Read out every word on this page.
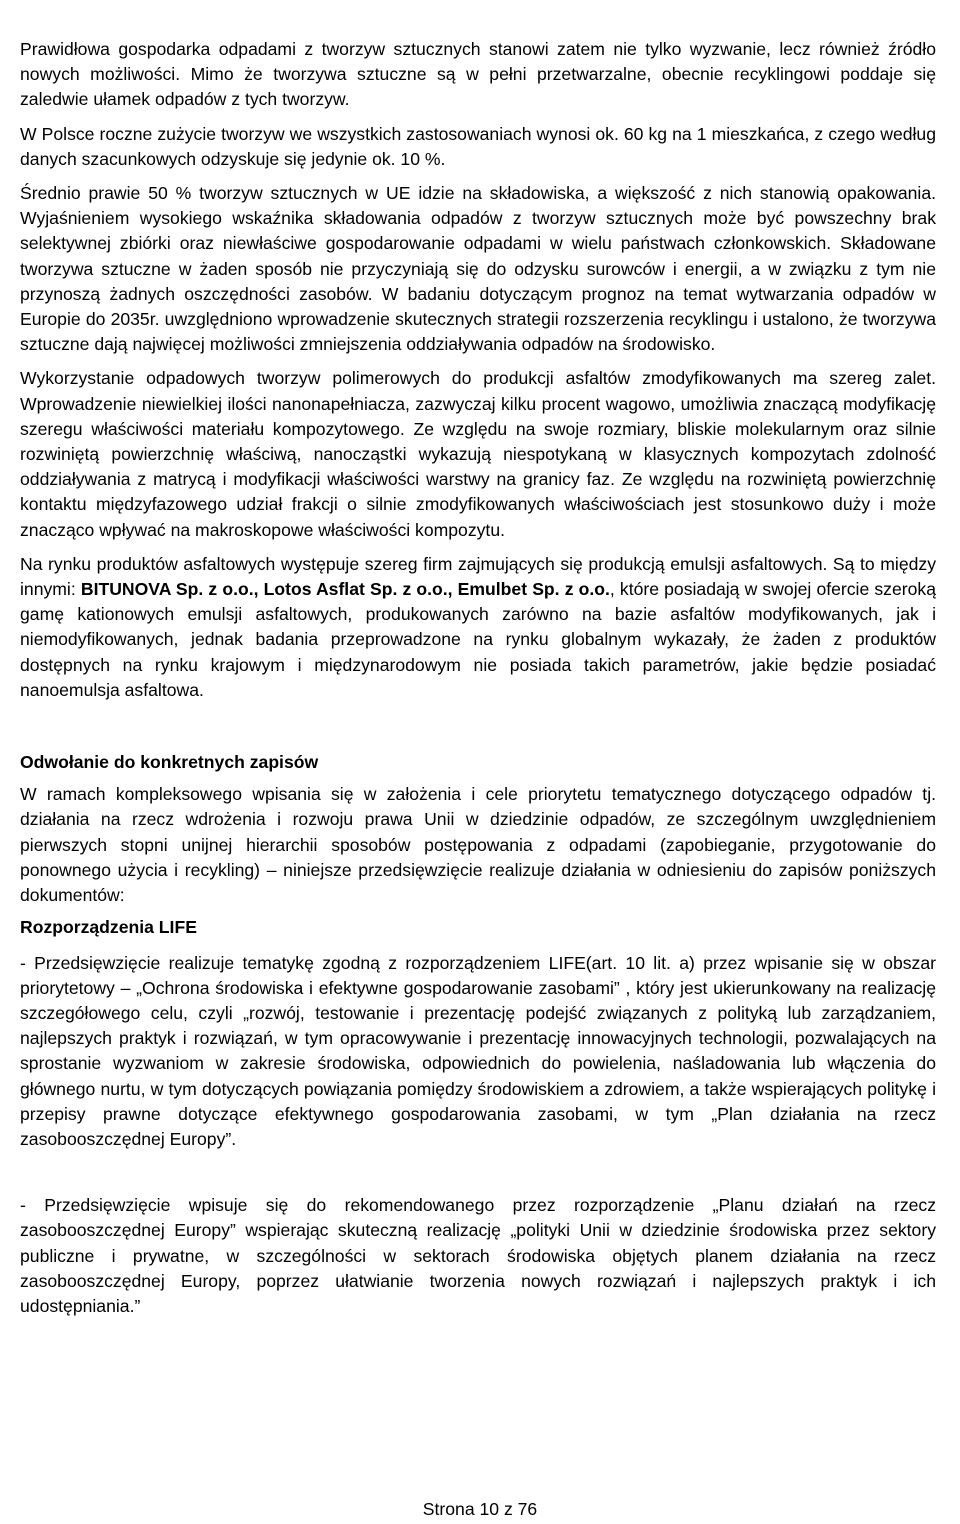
Prawidłowa gospodarka odpadami z tworzyw sztucznych stanowi zatem nie tylko wyzwanie, lecz również źródło nowych możliwości. Mimo że tworzywa sztuczne są w pełni przetwarzalne, obecnie recyklingowi poddaje się zaledwie ułamek odpadów z tych tworzyw.

W Polsce roczne zużycie tworzyw we wszystkich zastosowaniach wynosi ok. 60 kg na 1 mieszkańca, z czego według danych szacunkowych odzyskuje się jedynie ok. 10 %.

Średnio prawie 50 % tworzyw sztucznych w UE idzie na składowiska, a większość z nich stanowią opakowania. Wyjaśnieniem wysokiego wskaźnika składowania odpadów z tworzyw sztucznych może być powszechny brak selektywnej zbiórki oraz niewłaściwe gospodarowanie odpadami w wielu państwach członkowskich. Składowane tworzywa sztuczne w żaden sposób nie przyczyniają się do odzysku surowców i energii, a w związku z tym nie przynoszą żadnych oszczędności zasobów. W badaniu dotyczącym prognoz na temat wytwarzania odpadów w Europie do 2035r. uwzględniono wprowadzenie skutecznych strategii rozszerzenia recyklingu i ustalono, że tworzywa sztuczne dają najwięcej możliwości zmniejszenia oddziaływania odpadów na środowisko.

Wykorzystanie odpadowych tworzyw polimerowych do produkcji asfaltów zmodyfikowanych ma szereg zalet. Wprowadzenie niewielkiej ilości nanonapełniacza, zazwyczaj kilku procent wagowo, umożliwia znaczącą modyfikację szeregu właściwości materiału kompozytowego. Ze względu na swoje rozmiary, bliskie molekularnym oraz silnie rozwiniętą powierzchnię właściwą, nanocząstki wykazują niespotykaną w klasycznych kompozytach zdolność oddziaływania z matrycą i modyfikacji właściwości warstwy na granicy faz. Ze względu na rozwiniętą powierzchnię kontaktu międzyfazowego udział frakcji o silnie zmodyfikowanych właściwościach jest stosunkowo duży i może znacząco wpływać na makroskopowe właściwości kompozytu.

Na rynku produktów asfaltowych występuje szereg firm zajmujących się produkcją emulsji asfaltowych. Są to między innymi: BITUNOVA Sp. z o.o., Lotos Asflat Sp. z o.o., Emulbet Sp. z o.o., które posiadają w swojej ofercie szeroką gamę kationowych emulsji asfaltowych, produkowanych zarówno na bazie asfaltów modyfikowanych, jak i niemodyfikowanych, jednak badania przeprowadzone na rynku globalnym wykazały, że żaden z produktów dostępnych na rynku krajowym i międzynarodowym nie posiada takich parametrów, jakie będzie posiadać nanoemulsja asfaltowa.

Odwołanie do konkretnych zapisów

W ramach kompleksowego wpisania się w założenia i cele priorytetu tematycznego dotyczącego odpadów tj. działania na rzecz wdrożenia i rozwoju prawa Unii w dziedzinie odpadów, ze szczególnym uwzględnieniem pierwszych stopni unijnej hierarchii sposobów postępowania z odpadami (zapobieganie, przygotowanie do ponownego użycia i recykling) – niniejsze przedsięwzięcie realizuje działania w odniesieniu do zapisów poniższych dokumentów:

Rozporządzenia LIFE

- Przedsięwzięcie realizuje tematykę zgodną z rozporządzeniem LIFE(art. 10 lit. a) przez wpisanie się w obszar priorytetowy – „Ochrona środowiska i efektywne gospodarowanie zasobami” , który jest ukierunkowany na realizację szczegółowego celu, czyli „rozwój, testowanie i prezentację podejść związanych z polityką lub zarządzaniem, najlepszych praktyk i rozwiązań, w tym opracowywanie i prezentację innowacyjnych technologii, pozwalających na sprostanie wyzwaniom w zakresie środowiska, odpowiednich do powielenia, naśladowania lub włączenia do głównego nurtu, w tym dotyczących powiązania pomiędzy środowiskiem a zdrowiem, a także wspierających politykę i przepisy prawne dotyczące efektywnego gospodarowania zasobami, w tym „Plan działania na rzecz zasobooszczędnej Europy”.

- Przedsięwzięcie wpisuje się do rekomendowanego przez rozporządzenie „Planu działań na rzecz zasobooszczędnej Europy” wspierając skuteczną realizację „polityki Unii w dziedzinie środowiska przez sektory publiczne i prywatne, w szczególności w sektorach środowiska objętych planem działania na rzecz zasobooszczędnej Europy, poprzez ułatwianie tworzenia nowych rozwiązań i najlepszych praktyk i ich udostępniania.”

Strona 10 z 76
